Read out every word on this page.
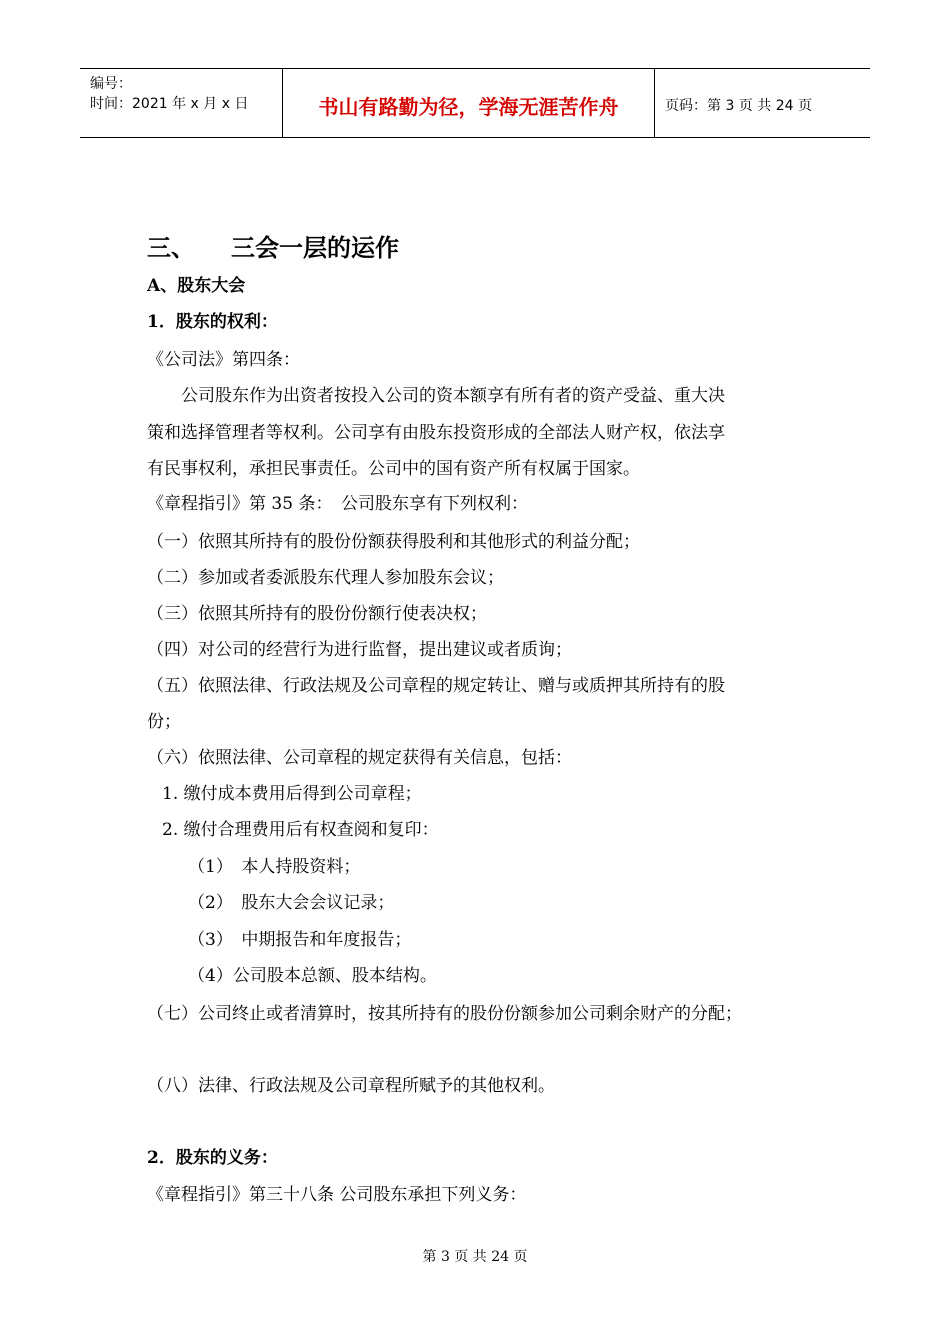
编号：
时间：2021 年 x 月 x 日	书山有路勤为径，学海无涯苦作舟	页码：第 3 页 共 24 页
三、 三会一层的运作
A、股东大会
1．股东的权利：
《公司法》第四条：
　　公司股东作为出资者按投入公司的资本额享有所有者的资产受益、重大决
策和选择管理者等权利。公司享有由股东投资形成的全部法人财产权，依法享
有民事权利，承担民事责任。公司中的国有资产所有权属于国家。
《章程指引》第 35 条：　公司股东享有下列权利：
（一）依照其所持有的股份份额获得股利和其他形式的利益分配；
（二）参加或者委派股东代理人参加股东会议；
（三）依照其所持有的股份份额行使表决权；
（四）对公司的经营行为进行监督，提出建议或者质询；
（五）依照法律、行政法规及公司章程的规定转让、赠与或质押其所持有的股
份；
（六）依照法律、公司章程的规定获得有关信息，包括：
1. 缴付成本费用后得到公司章程；
2. 缴付合理费用后有权查阅和复印：
（1）　本人持股资料；
（2）　股东大会会议记录；
（3）　中期报告和年度报告；
（4）公司股本总额、股本结构。
（七）公司终止或者清算时，按其所持有的股份份额参加公司剩余财产的分配；
（八）法律、行政法规及公司章程所赋予的其他权利。
2．股东的义务：
《章程指引》第三十八条 公司股东承担下列义务：
第 3 页 共 24 页
